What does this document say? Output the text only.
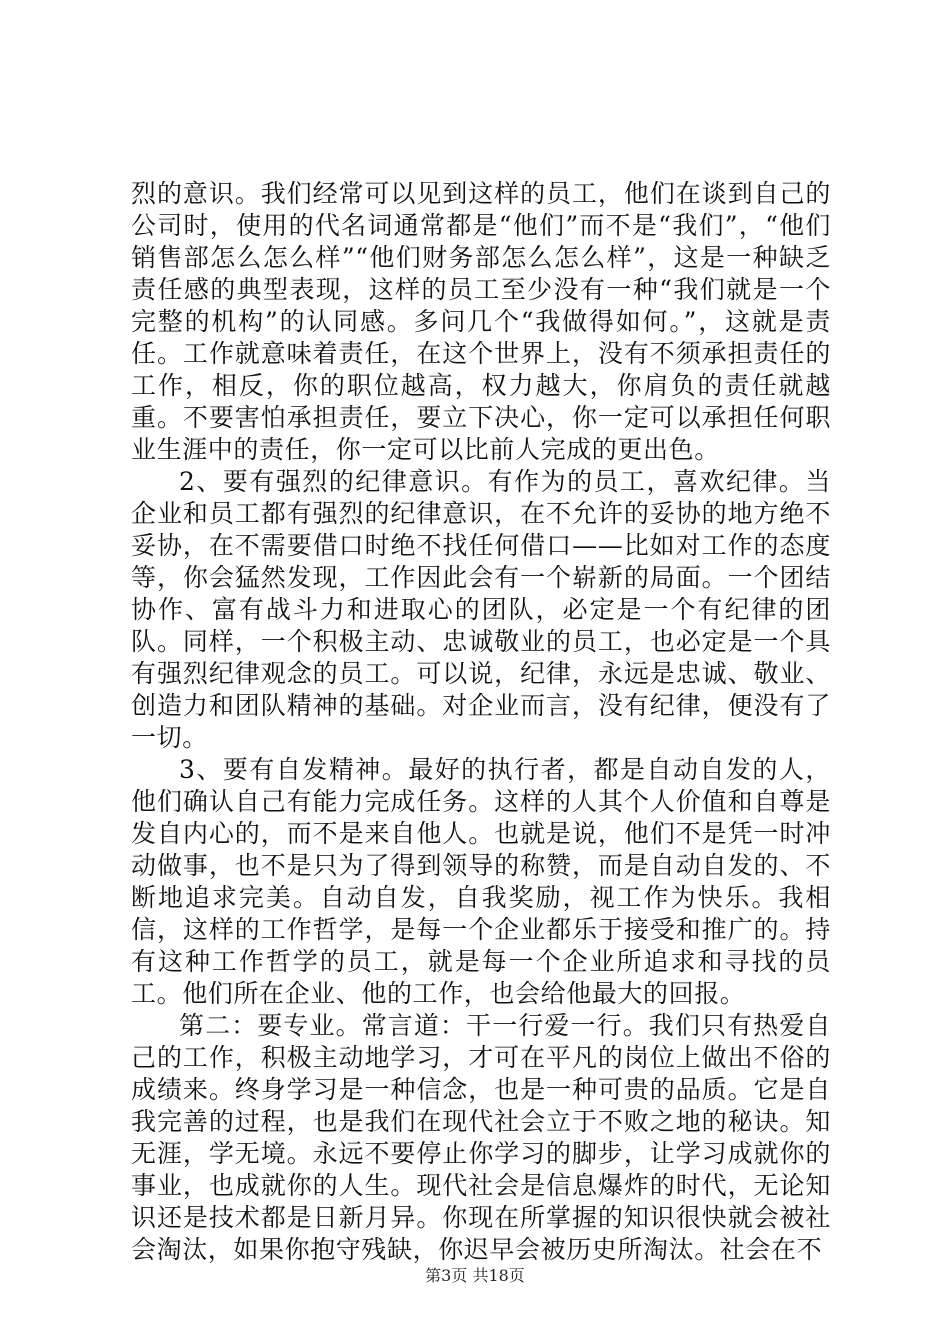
烈的意识。我们经常可以见到这样的员工，他们在谈到自己的公司时，使用的代名词通常都是“他们”而不是“我们”，“他们销售部怎么怎么样”“他们财务部怎么怎么样”，这是一种缺乏责任感的典型表现，这样的员工至少没有一种“我们就是一个完整的机构”的认同感。多问几个“我做得如何。”，这就是责任。工作就意味着责任，在这个世界上，没有不须承担责任的工作，相反，你的职位越高，权力越大，你肩负的责任就越重。不要害怕承担责任，要立下决心，你一定可以承担任何职业生涯中的责任，你一定可以比前人完成的更出色。

2、要有强烈的纪律意识。有作为的员工，喜欢纪律。当企业和员工都有强烈的纪律意识，在不允许的妥协的地方绝不妥协，在不需要借口时绝不找任何借口——比如对工作的态度等，你会猛然发现，工作因此会有一个崭新的局面。一个团结协作、富有战斗力和进取心的团队，必定是一个有纪律的团队。同样，一个积极主动、忠诚敬业的员工，也必定是一个具有强烈纪律观念的员工。可以说，纪律，永远是忠诚、敬业、创造力和团队精神的基础。对企业而言，没有纪律，便没有了一切。

3、要有自发精神。最好的执行者，都是自动自发的人，他们确认自己有能力完成任务。这样的人其个人价值和自尊是发自内心的，而不是来自他人。也就是说，他们不是凭一时冲动做事，也不是只为了得到领导的称赞，而是自动自发的、不断地追求完美。自动自发，自我奖励，视工作为快乐。我相信，这样的工作哲学，是每一个企业都乐于接受和推广的。持有这种工作哲学的员工，就是每一个企业所追求和寻找的员工。他们所在企业、他的工作，也会给他最大的回报。

第二：要专业。常言道：干一行爱一行。我们只有热爱自己的工作，积极主动地学习，才可在平凡的岗位上做出不俗的成绩来。终身学习是一种信念，也是一种可贵的品质。它是自我完善的过程，也是我们在现代社会立于不败之地的秘诀。知无涯，学无境。永远不要停止你学习的脚步，让学习成就你的事业，也成就你的人生。现代社会是信息爆炸的时代，无论知识还是技术都是日新月异。你现在所掌握的知识很快就会被社会淘汰，如果你抱守残缺，你迟早会被历史所淘汰。社会在不

第3页 共18页
